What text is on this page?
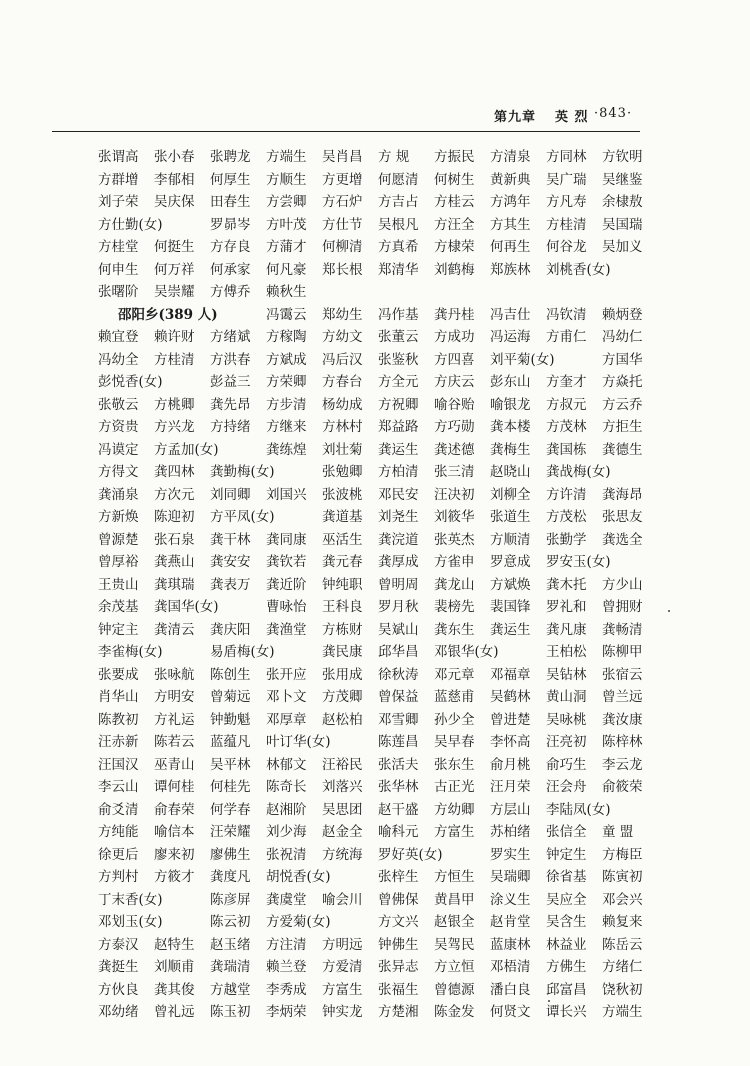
第九章 英 烈 ·843·
张谓高 张小春 张聘龙 方端生 吴肖昌 方 规 方振民 方清泉 方同林 方钦明
方群增 李郁相 何厚生 方顺生 方更增 何愿清 何树生 黄新典 吴广瑞 吴继鉴
刘子荣 吴庆保 田春生 方尝卿 方石炉 方吉占 方桂云 方鸿年 方凡寿 余棣敖
方仕勤(女)	罗昴岑 方叶茂 方仕节 吴根凡 方汪全 方其生 方桂清 吴国瑞
方桂堂 何挺生 方存良 方蒲才 何柳清 方真希 方棣荣 何再生 何谷龙 吴加义
何申生 何万祥 何承家 何凡豪 郑长根 郑清华 刘鹤梅 郑族林 刘桃香(女)
张曙阶 吴崇耀 方傅乔 赖秋生
邵阳乡(389 人)	冯霭云 郑幼生 冯作基 龚丹桂 冯吉仕 冯钦清 赖炳登
赖宜登 赖许财 方绪斌 方稼陶 方幼文 张董云 方成功 冯运海 方甫仁 冯幼仁
冯幼全 方桂清 方洪春 方斌成 冯后汉 张鉴秋 方四喜 刘平菊(女)	方国华
彭悦香(女)	彭益三 方荣卿 方春台 方全元 方庆云 彭东山 方奎才 方焱托
张敬云 方桃卿 龚先昂 方步清 杨幼成 方祝卿 喻谷贻 喻银龙 方叔元 方云乔
方资贵 方兴龙 方持绪 方继来 方林村 郑益路 方巧勋 龚本楼 方茂林 方拒生
冯谟定 方孟加(女)	龚练煌 刘壮菊 龚运生 龚述德 龚梅生 龚国栋 龚德生
方得文 龚四林 龚勤梅(女)	张勉卿 方柏清 张三清 赵晓山 龚战梅(女)
龚涌泉 方次元 刘同卿 刘国兴 张波桃 邓民安 汪决初 刘柳全 方许清 龚海昂
方新焕 陈迎初 方平凤(女)	龚道基 刘尧生 刘筱华 张道生 方茂松 张思友
曾源楚 张石泉 龚干林 龚同康 巫活生 龚浣道 张英杰 方顺清 张勤学 龚选全
曾厚裕 龚燕山 龚安安 龚钦若 龚元春 龚厚成 方雀申 罗意成 罗安玉(女)
王贵山 龚琪瑞 龚表万 龚近阶 钟纯职 曾明周 龚龙山 方斌焕 龚木托 方少山
余茂基 龚国华(女)	曹咏怡 王科良 罗月秋 裴榜先 裴国锋 罗礼和 曾拥财
钟定主 龚清云 龚庆阳 龚渔堂 方栋财 吴斌山 龚东生 龚运生 龚凡康 龚畅清
李雀梅(女)	易盾梅(女)	龚民康 邱华昌 邓银华(女)	王柏松 陈柳甲
张要成 张咏航 陈创生 张开应 张用成 徐秋涛 邓元章 邓福章 吴钻林 张宿云
肖华山 方明安 曾菊远 邓卜文 方茂卿 曾保益 蓝慈甫 吴鹤林 黄山洞 曾兰远
陈教初 方礼运 钟勤魁 邓厚章 赵松柏 邓雪卿 孙少全 曾进楚 吴咏桃 龚汝康
汪赤新 陈若云 蓝蕴凡 叶订华(女)	陈莲昌 吴早春 李怀高 汪亮初 陈梓林
汪国汉 巫青山 吴平林 林郁文 汪裕民 张活夫 张东生 俞月桃 俞巧生 李云龙
李云山 谭何桂 何桂先 陈奇长 刘落兴 张华林 古正光 汪月荣 汪会舟 俞筱荣
俞爻清 俞春荣 何学春 赵湘阶 吴思团 赵干盛 方幼卿 方层山 李陆凤(女)
方纯能 喻信本 汪荣耀 刘少海 赵金全 喻科元 方富生 苏柏绪 张信全 童 盟
徐更后 廖来初 廖佛生 张祝清 方统海 罗好英(女)	罗实生 钟定生 方梅臣
方判村 方筱才 龚度凡 胡悦香(女)	张梓生 方恒生 吴瑞卿 徐省基 陈寅初
丁末香(女)	陈彦屏 龚虞堂 喻会川 曾佛保 黄昌甲 涂义生 吴应全 邓会兴
邓划玉(女)	陈云初 方爱菊(女)	方文兴 赵银全 赵肯堂 吴含生 赖复来
方泰汉 赵特生 赵玉绪 方注清 方明远 钟佛生 吴驾民 蓝康林 林益业 陈岳云
龚挺生 刘顺甫 龚瑞清 赖兰登 方爱清 张异志 方立恒 邓梧清 方佛生 方绪仁
方伙良 龚其俊 方越堂 李秀成 方富生 张福生 曾德源 潘白良 邱富昌 饶秋初
邓幼绪 曾礼远 陈玉初 李炳荣 钟实龙 方楚湘 陈金发 何贤文 谭长兴 方端生
